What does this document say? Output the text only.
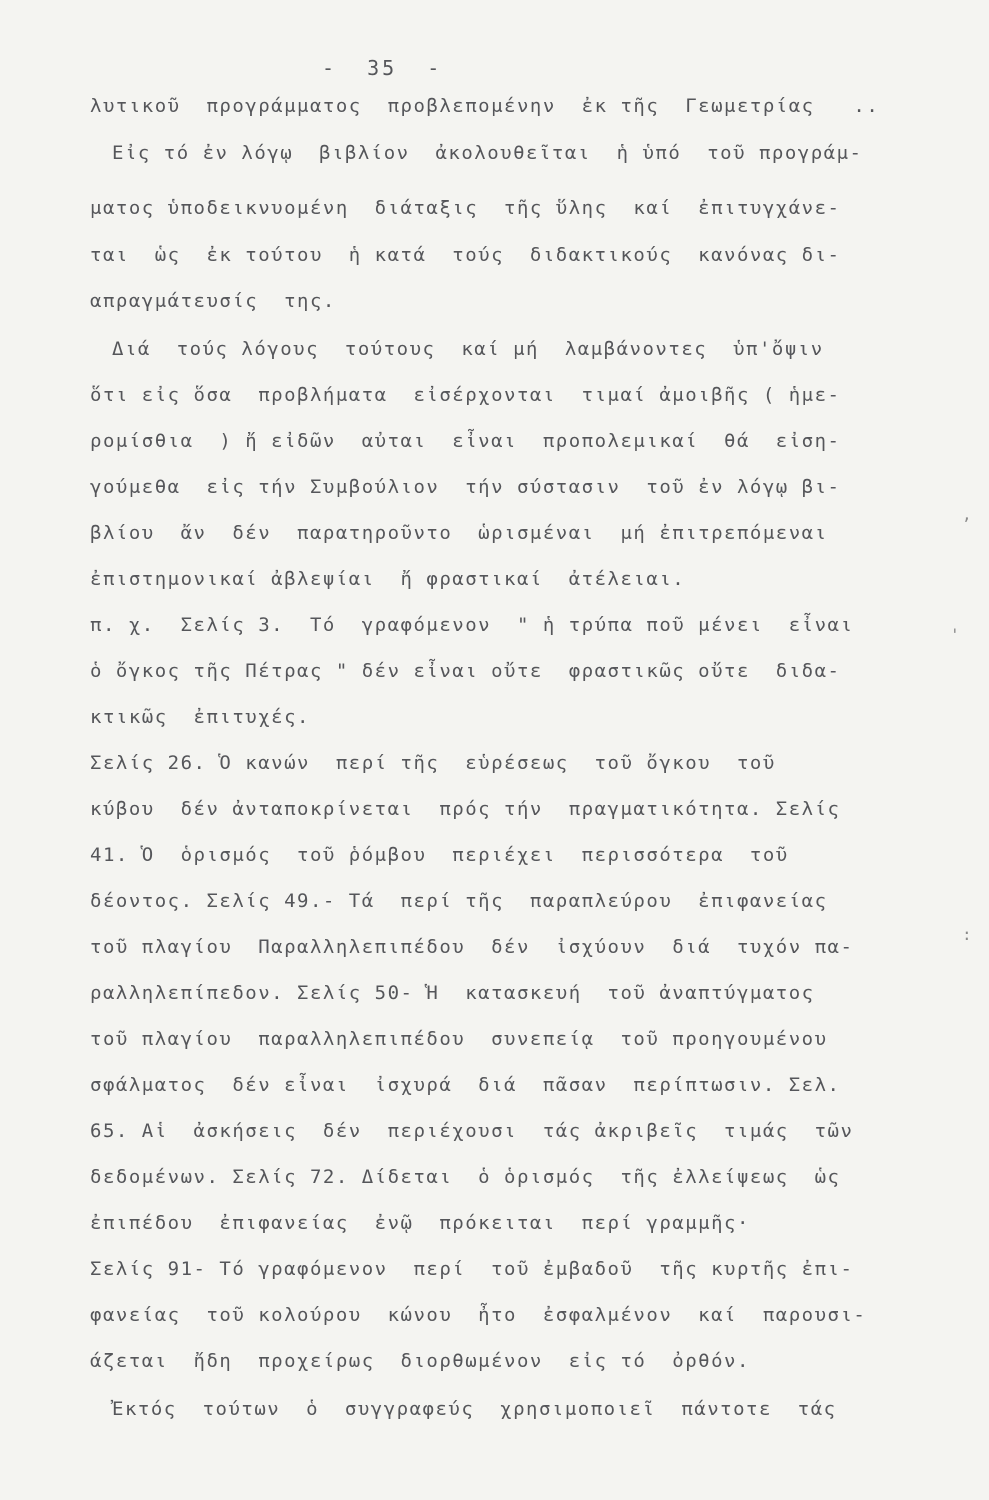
-  35  -
λυτικοῦ  προγράμματος  προβλεπομένην  ἐκ τῆς  Γεωμετρίας   ..
Εἰς τό ἐν λόγῳ  βιβλίον  ἀκολουθεῖται  ἡ ὑπό  τοῦ προγράμ-
ματος ὑποδεικνυομένη  διάταξις  τῆς ὕλης  καί  ἐπιτυγχάνε-
ται  ὡς  ἐκ τούτου  ἡ κατά  τούς  διδακτικούς  κανόνας δι-
απραγμάτευσίς  της.
Διά  τούς λόγους  τούτους  καί μή  λαμβάνοντες  ὑπ'ὄψιν
ὅτι εἰς ὅσα  προβλήματα  εἰσέρχονται  τιμαί ἀμοιβῆς ( ἡμε-
ρομίσθια  ) ἤ εἰδῶν  αὐται  εἶναι  προπολεμικαί  θά  εἰση-
γούμεθα  εἰς τήν Συμβούλιον  τήν σύστασιν  τοῦ ἐν λόγῳ βι-
βλίου  ἄν  δέν  παρατηροῦντο  ὡρισμέναι  μή ἐπιτρεπόμεναι
ἐπιστημονικαί ἀβλεψίαι  ἤ φραστικαί  ἀτέλειαι.
π. χ.  Σελίς 3.  Τό  γραφόμενον  " ἡ τρύπα ποῦ μένει  εἶναι
ὁ ὄγκος τῆς Πέτρας " δέν εἶναι οὔτε  φραστικῶς οὔτε  διδα-
κτικῶς  ἐπιτυχές.
Σελίς 26. Ὁ κανών  περί τῆς  εὑρέσεως  τοῦ ὄγκου  τοῦ
κύβου  δέν ἀνταποκρίνεται  πρός τήν  πραγματικότητα. Σελίς
41. Ὁ  ὁρισμός  τοῦ ῥόμβου  περιέχει  περισσότερα  τοῦ
δέοντος. Σελίς 49.- Τά  περί τῆς  παραπλεύρου  ἐπιφανείας
τοῦ πλαγίου  Παραλληλεπιπέδου  δέν  ἰσχύουν  διά  τυχόν πα-
ραλληλεπίπεδον. Σελίς 50- Ἡ  κατασκευή  τοῦ ἀναπτύγματος
τοῦ πλαγίου  παραλληλεπιπέδου  συνεπείᾳ  τοῦ προηγουμένου
σφάλματος  δέν εἶναι  ἰσχυρά  διά  πᾶσαν  περίπτωσιν. Σελ.
65. Αἱ  ἀσκήσεις  δέν  περιέχουσι  τάς ἀκριβεῖς  τιμάς  τῶν
δεδομένων. Σελίς 72. Δίδεται  ὁ ὁρισμός  τῆς ἐλλείψεως  ὡς
ἐπιπέδου  ἐπιφανείας  ἐνῷ  πρόκειται  περί γραμμῆς·
Σελίς 91- Τό γραφόμενον  περί  τοῦ ἐμβαδοῦ  τῆς κυρτῆς ἐπι-
φανείας  τοῦ κολούρου  κώνου  ἦτο  ἐσφαλμένον  καί  παρουσι-
άζεται  ἤδη  προχείρως  διορθωμένον  εἰς τό  ὀρθόν.
Ἐκτός  τούτων  ὁ  συγγραφεύς  χρησιμοποιεῖ  πάντοτε  τάς
,
'
:
